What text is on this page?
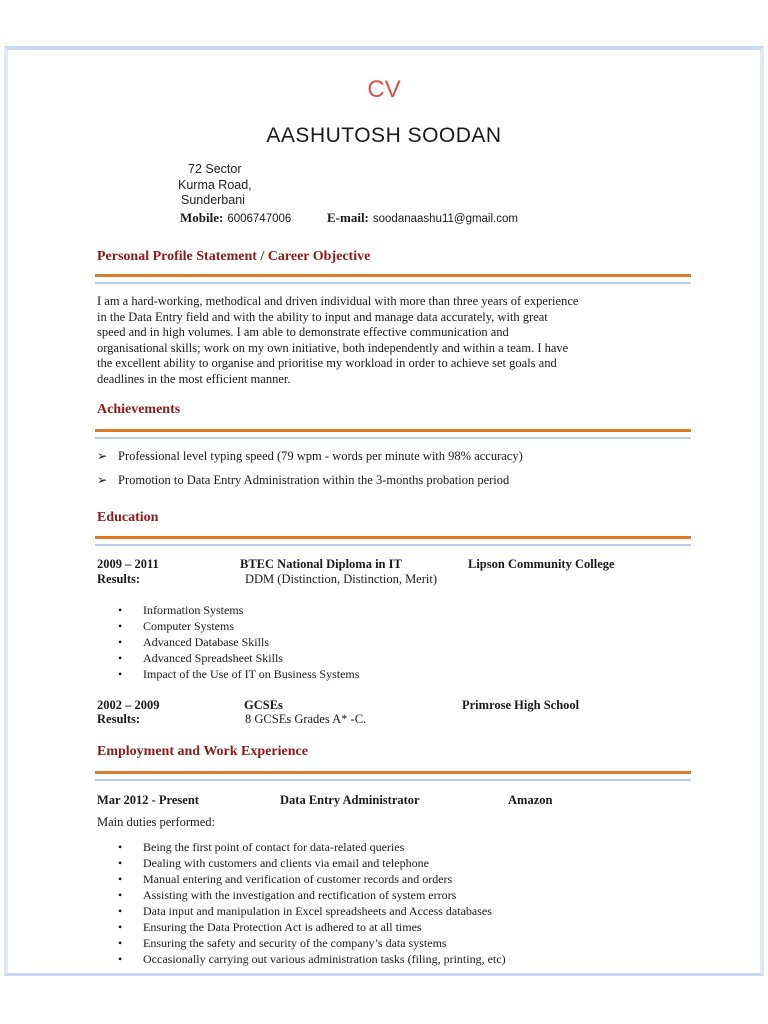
CV
AASHUTOSH SOODAN
72 Sector
Kurma Road,
Sunderbani
Mobile: 6006747006	E-mail: soodanaashu11@gmail.com
Personal Profile Statement / Career Objective
I am a hard-working, methodical and driven individual with more than three years of experience
in the Data Entry field and with the ability to input and manage data accurately, with great
speed and in high volumes. I am able to demonstrate effective communication and
organisational skills; work on my own initiative, both independently and within a team. I have
the excellent ability to organise and prioritise my workload in order to achieve set goals and
deadlines in the most efficient manner.
Achievements
➢ Professional level typing speed (79 wpm - words per minute with 98% accuracy)
➢ Promotion to Data Entry Administration within the 3-months probation period
Education
2009 – 2011	BTEC National Diploma in IT	Lipson Community College
Results:	DDM (Distinction, Distinction, Merit)
• Information Systems
• Computer Systems
• Advanced Database Skills
• Advanced Spreadsheet Skills
• Impact of the Use of IT on Business Systems
2002 – 2009	GCSEs	Primrose High School
Results:	8 GCSEs Grades A* -C.
Employment and Work Experience
Mar 2012 - Present	Data Entry Administrator	Amazon
Main duties performed:
• Being the first point of contact for data-related queries
• Dealing with customers and clients via email and telephone
• Manual entering and verification of customer records and orders
• Assisting with the investigation and rectification of system errors
• Data input and manipulation in Excel spreadsheets and Access databases
• Ensuring the Data Protection Act is adhered to at all times
• Ensuring the safety and security of the company’s data systems
• Occasionally carrying out various administration tasks (filing, printing, etc)
